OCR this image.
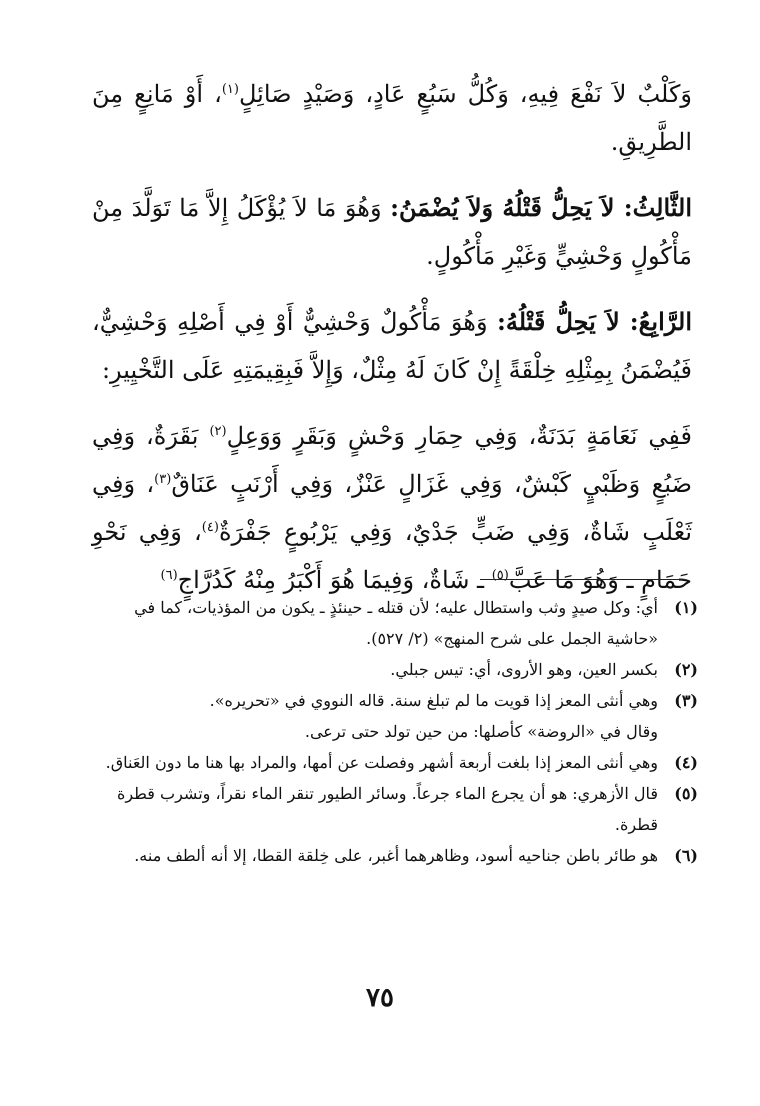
وَكَلْبٌ لاَ نَفْعَ فِيهِ، وَكُلُّ سَبُعٍ عَادٍ، وَصَيْدٍ صَائِلٍ$^{(١)}$، أَوْ مَانِعٍ مِنَ الطَّرِيقِ.

الثَّالِثُ: لاَ يَحِلُّ قَتْلُهُ وَلاَ يُضْمَنُ: وَهُوَ مَا لاَ يُؤْكَلُ إِلاَّ مَا تَوَلَّدَ مِنْ مَأْكُولٍ وَحْشِيٍّ وَغَيْرِ مَأْكُولٍ.

الرَّابِعُ: لاَ يَحِلُّ قَتْلُهُ: وَهُوَ مَأْكُولٌ وَحْشِيٌّ أَوْ فِي أَصْلِهِ وَحْشِيٌّ، فَيُضْمَنُ بِمِثْلِهِ خِلْقَةً إِنْ كَانَ لَهُ مِثْلٌ، وَإِلاَّ فَبِقِيمَتِهِ عَلَى التَّخْيِيرِ:

فَفِي نَعَامَةٍ بَدَنَةٌ، وَفِي حِمَارِ وَحْشٍ وَبَقَرٍ وَوَعِلٍ$^{(٢)}$ بَقَرَةٌ، وَفِي ضَبُعٍ وَظَبْيٍ كَبْشٌ، وَفِي غَزَالٍ عَنْزٌ، وَفِي أَرْنَبٍ عَنَاقٌ$^{(٣)}$، وَفِي ثَعْلَبٍ شَاةٌ، وَفِي ضَبٍّ جَدْيٌ، وَفِي يَرْبُوعٍ جَفْرَةٌ$^{(٤)}$، وَفِي نَحْوِ حَمَامٍ ـ وَهُوَ مَا عَبَّ$^{(٥)}$ ـ شَاةٌ، وَفِيمَا هُوَ أَكْبَرُ مِنْهُ كَدُرَّاجٍ$^{(٦)}$

(١)
أي: وكل صيدٍ وثب واستطال عليه؛ لأن قتله ـ حينئذٍ ـ يكون من المؤذيات، كما في «حاشية الجمل على شرح المنهج» (٢/ ٥٢٧).
(٢)
بكسر العين، وهو الأروى، أي: تيس جبلي.
(٣)
وهي أنثى المعز إذا قويت ما لم تبلغ سنة. قاله النووي في «تحريره».
وقال في «الروضة» كأصلها: من حين تولد حتى ترعى.
(٤)
وهي أنثى المعز إذا بلغت أربعة أشهر وفصلت عن أمها، والمراد بها هنا ما دون العَناق.
(٥)
قال الأزهري: هو أن يجرع الماء جرعاً. وسائر الطيور تنقر الماء نقراً، وتشرب قطرة قطرة.
(٦)
هو طائر باطن جناحيه أسود، وظاهرهما أغبر، على خِلقة القطا، إلا أنه ألطف منه.
٧٥
